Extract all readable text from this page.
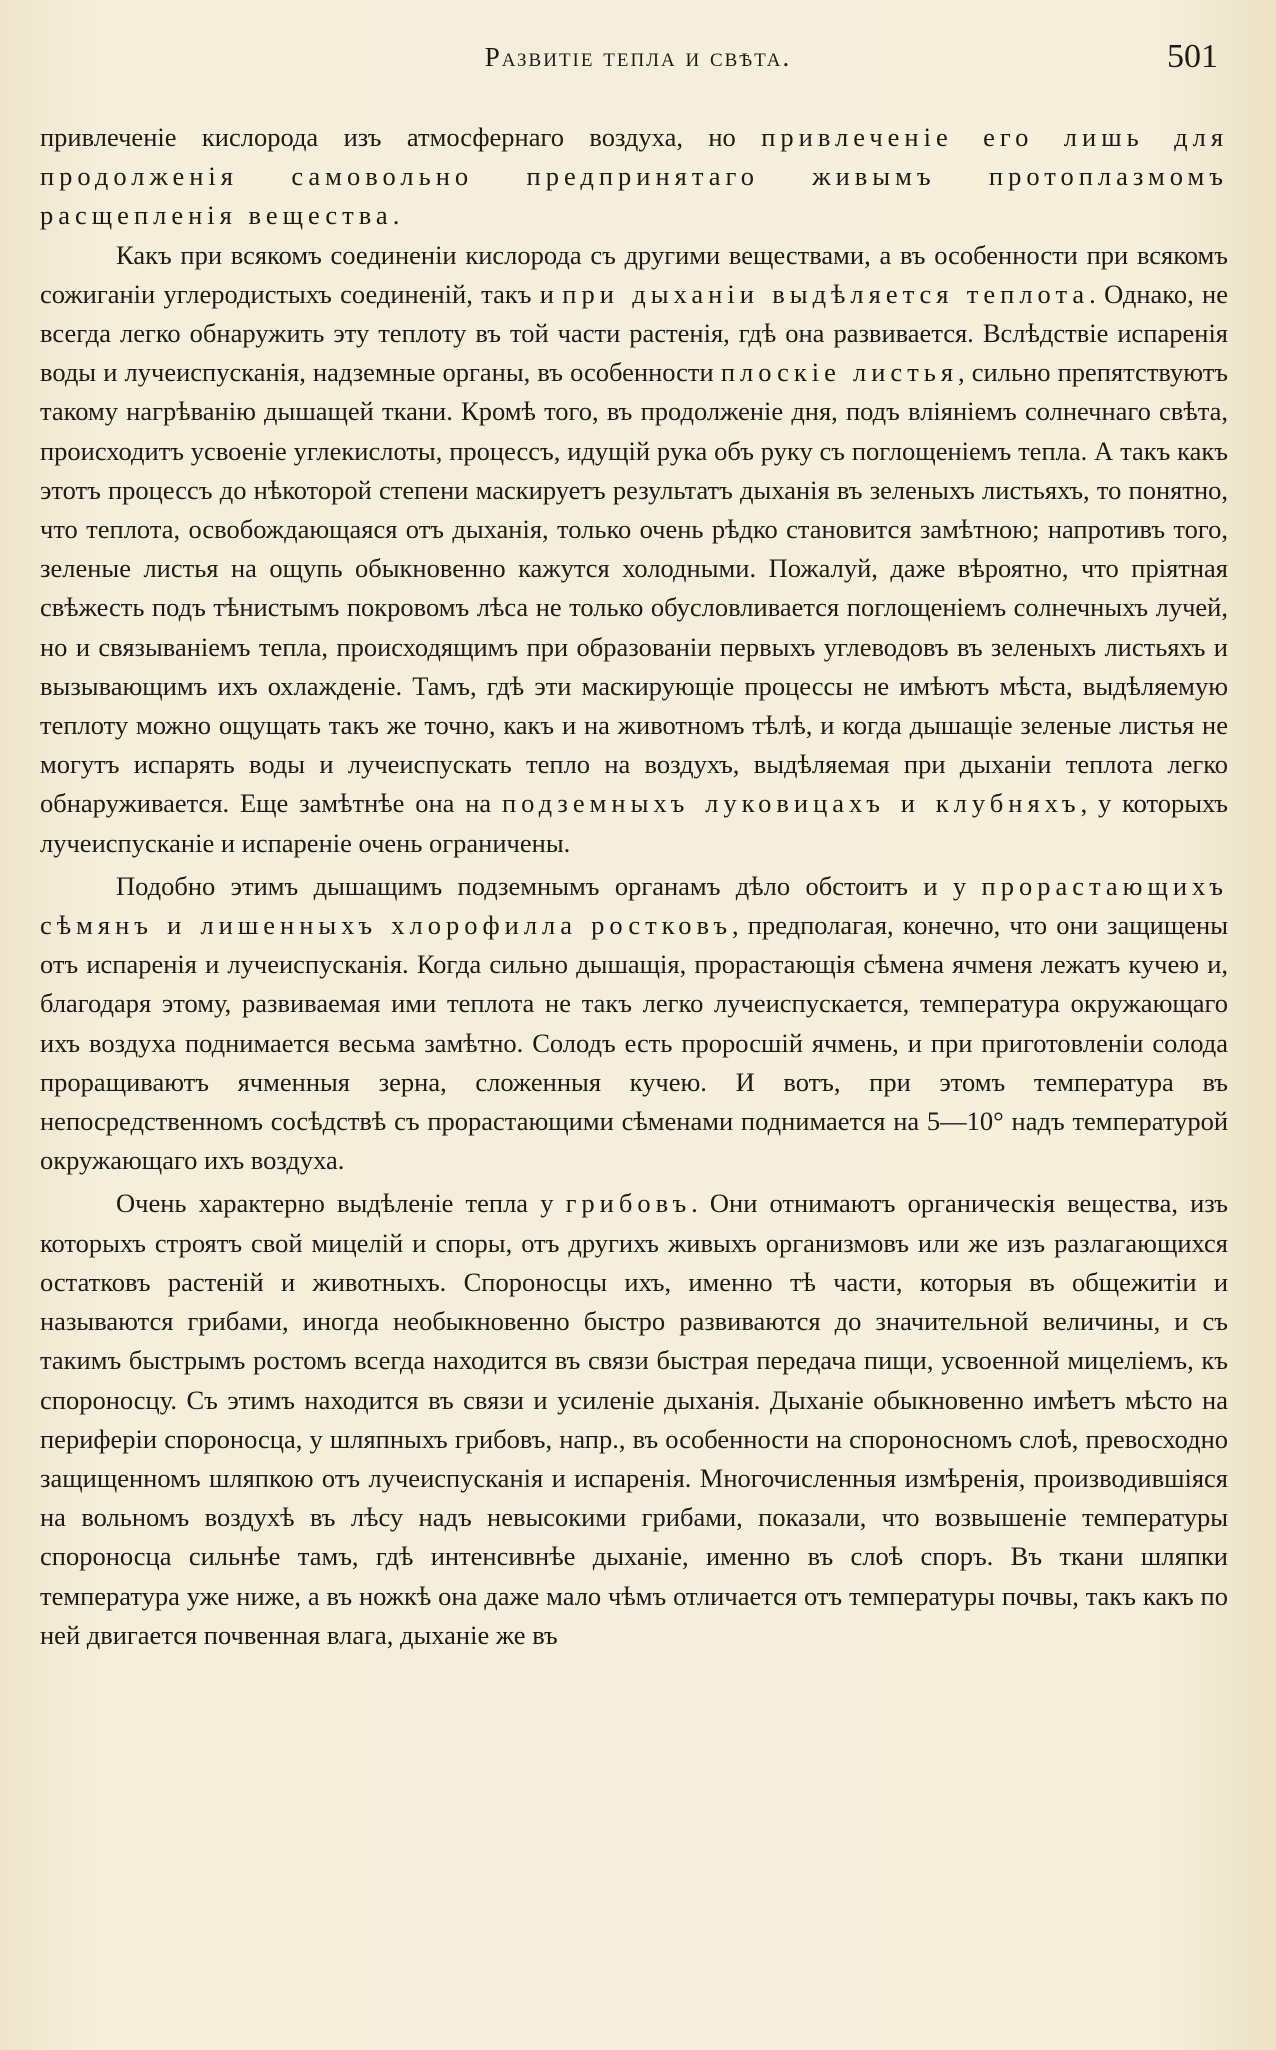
Развитіе тепла и свѣта.	501

привлеченіе кислорода изъ атмосфернаго воздуха, но привлеченіе его лишь для продолженія самовольно предпринятаго живымъ протоплазмомъ расщепленія вещества.

Какъ при всякомъ соединеніи кислорода съ другими веществами, а въ особенности при всякомъ сожиганіи углеродистыхъ соединеній, такъ и при дыханіи выдѣляется теплота. Однако, не всегда легко обнаружить эту теплоту въ той части растенія, гдѣ она развивается. Вслѣдствіе испаренія воды и лучеиспусканія, надземные органы, въ особенности плоскіе листья, сильно препятствуютъ такому нагрѣванію дышащей ткани. Кромѣ того, въ продолженіе дня, подъ вліяніемъ солнечнаго свѣта, происходитъ усвоеніе углекислоты, процессъ, идущій рука объ руку съ поглощеніемъ тепла. А такъ какъ этотъ процессъ до нѣкоторой степени маскируетъ результатъ дыханія въ зеленыхъ листьяхъ, то понятно, что теплота, освобождающаяся отъ дыханія, только очень рѣдко становится замѣтною; напротивъ того, зеленые листья на ощупь обыкновенно кажутся холодными. Пожалуй, даже вѣроятно, что пріятная свѣжесть подъ тѣнистымъ покровомъ лѣса не только обусловливается поглощеніемъ солнечныхъ лучей, но и связываніемъ тепла, происходящимъ при образованіи первыхъ углеводовъ въ зеленыхъ листьяхъ и вызывающимъ ихъ охлажденіе. Тамъ, гдѣ эти маскирующіе процессы не имѣютъ мѣста, выдѣляемую теплоту можно ощущать такъ же точно, какъ и на животномъ тѣлѣ, и когда дышащіе зеленые листья не могутъ испарять воды и лучеиспускать тепло на воздухъ, выдѣляемая при дыханіи теплота легко обнаруживается. Еще замѣтнѣе она на подземныхъ луковицахъ и клубняхъ, у которыхъ лучеиспусканіе и испареніе очень ограничены.

Подобно этимъ дышащимъ подземнымъ органамъ дѣло обстоитъ и у прорастающихъ сѣмянъ и лишенныхъ хлорофилла ростковъ, предполагая, конечно, что они защищены отъ испаренія и лучеиспусканія. Когда сильно дышащія, прорастающія сѣмена ячменя лежатъ кучею и, благодаря этому, развиваемая ими теплота не такъ легко лучеиспускается, температура окружающаго ихъ воздуха поднимается весьма замѣтно. Солодъ есть проросшій ячмень, и при приготовленіи солода проращиваютъ ячменныя зерна, сложенныя кучею. И вотъ, при этомъ температура въ непосредственномъ сосѣдствѣ съ прорастающими сѣменами поднимается на 5—10° надъ температурой окружающаго ихъ воздуха.

Очень характерно выдѣленіе тепла у грибовъ. Они отнимаютъ органическія вещества, изъ которыхъ строятъ свой мицелій и споры, отъ другихъ живыхъ организмовъ или же изъ разлагающихся остатковъ растеній и животныхъ. Спороносцы ихъ, именно тѣ части, которыя въ общежитіи и называются грибами, иногда необыкновенно быстро развиваются до значительной величины, и съ такимъ быстрымъ ростомъ всегда находится въ связи быстрая передача пищи, усвоенной мицеліемъ, къ спороносцу. Съ этимъ находится въ связи и усиленіе дыханія. Дыханіе обыкновенно имѣетъ мѣсто на периферіи спороносца, у шляпныхъ грибовъ, напр., въ особенности на спороносномъ слоѣ, превосходно защищенномъ шляпкою отъ лучеиспусканія и испаренія. Многочисленныя измѣренія, производившіяся на вольномъ воздухѣ въ лѣсу надъ невысокими грибами, показали, что возвышеніе температуры спороносца сильнѣе тамъ, гдѣ интенсивнѣе дыханіе, именно въ слоѣ споръ. Въ ткани шляпки температура уже ниже, а въ ножкѣ она даже мало чѣмъ отличается отъ температуры почвы, такъ какъ по ней двигается почвенная влага, дыханіе же въ
